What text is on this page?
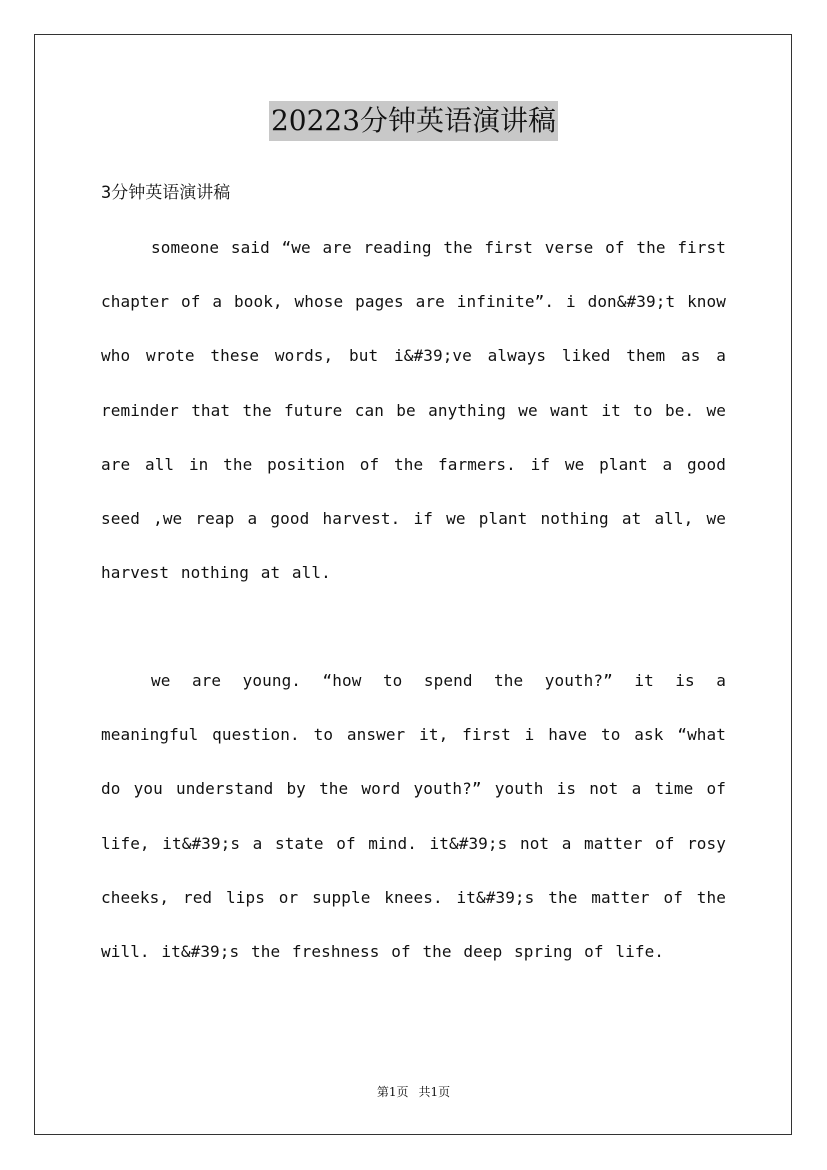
20223分钟英语演讲稿
3分钟英语演讲稿

someone said “we are reading the first verse of the first chapter of a book, whose pages are infinite”. i don&#39;t know who wrote these words, but i&#39;ve always liked them as a reminder that the future can be anything we want it to be. we are all in the position of the farmers. if we plant a good seed ,we reap a good harvest. if we plant nothing at all, we harvest nothing at all.

we are young. “how to spend the youth?” it is a meaningful question. to answer it, first i have to ask “what do you understand by the word youth?” youth is not a time of life, it&#39;s a state of mind. it&#39;s not a matter of rosy cheeks, red lips or supple knees. it&#39;s the matter of the will. it&#39;s the freshness of the deep spring of life.

第1页 共1页
